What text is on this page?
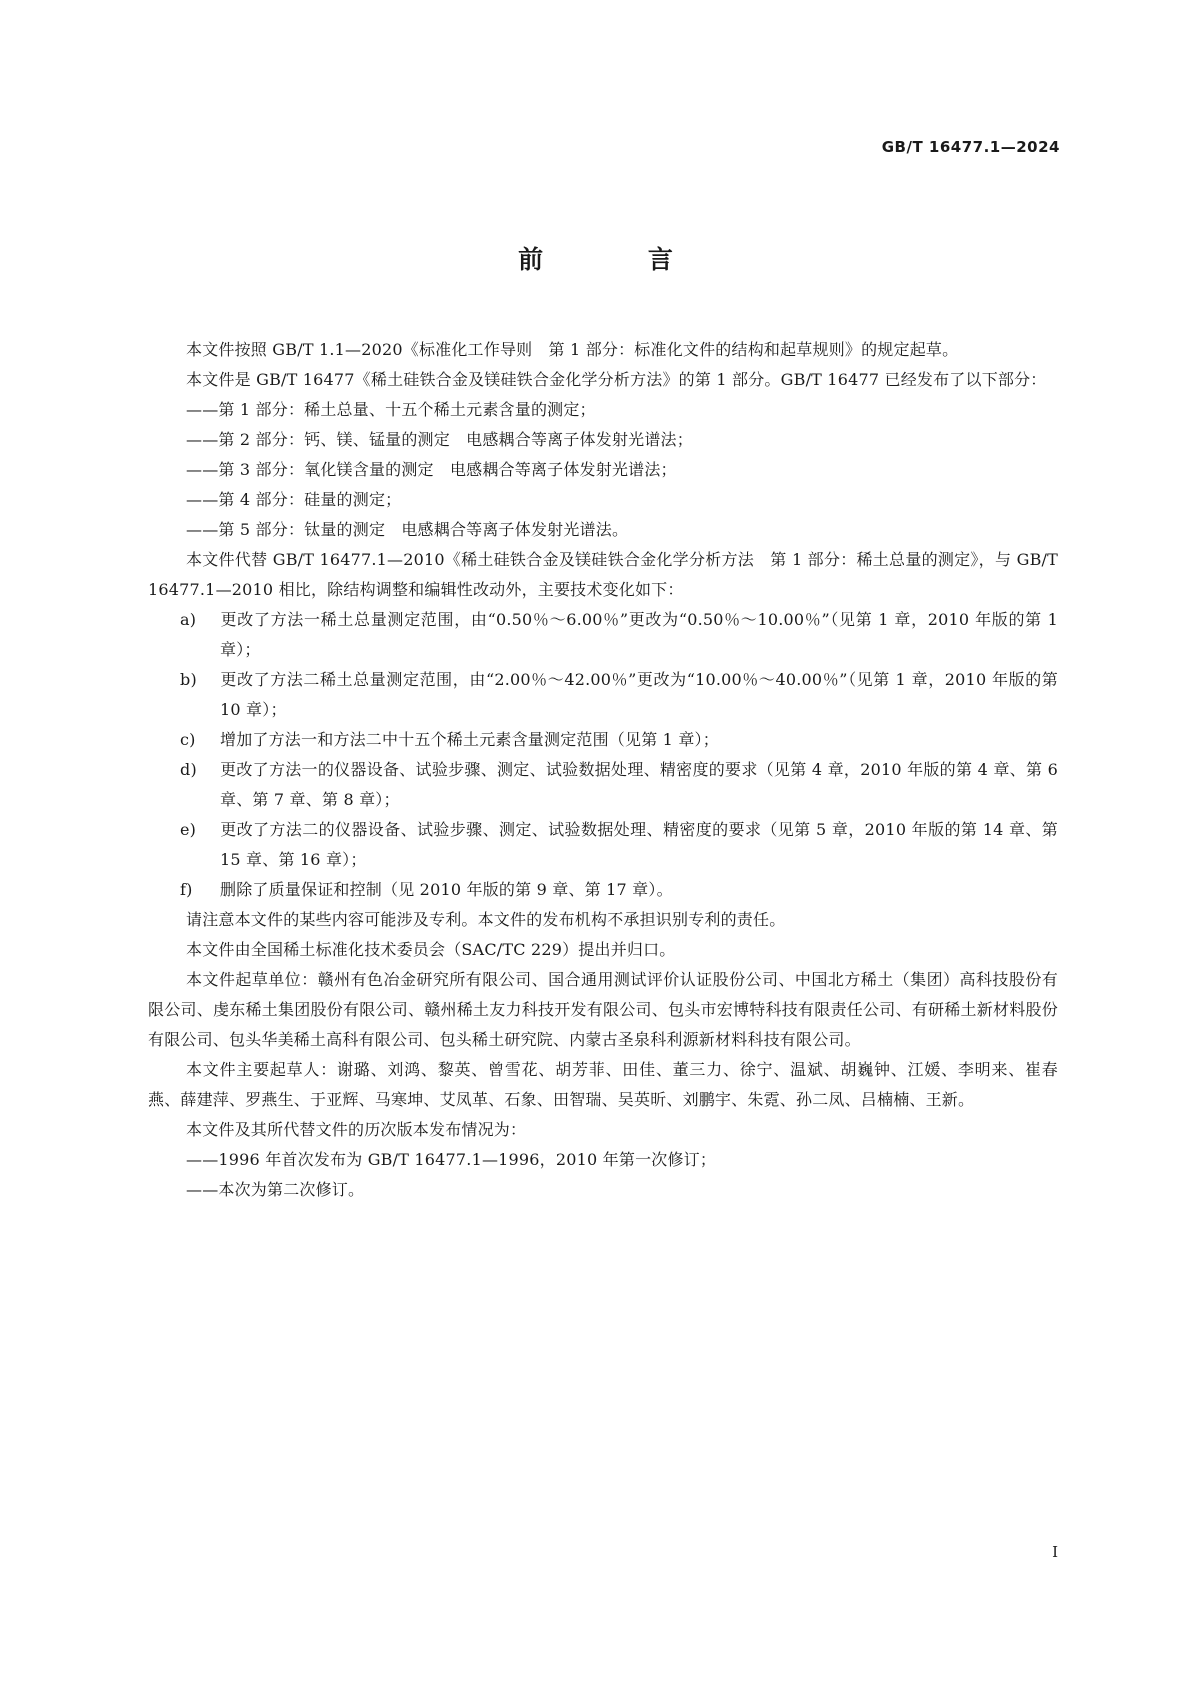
GB/T 16477.1—2024
前 言

本文件按照 GB/T 1.1—2020《标准化工作导则　第 1 部分：标准化文件的结构和起草规则》的规定起草。

本文件是 GB/T 16477《稀土硅铁合金及镁硅铁合金化学分析方法》的第 1 部分。GB/T 16477 已经发布了以下部分：

——第 1 部分：稀土总量、十五个稀土元素含量的测定；

——第 2 部分：钙、镁、锰量的测定　电感耦合等离子体发射光谱法；

——第 3 部分：氧化镁含量的测定　电感耦合等离子体发射光谱法；

——第 4 部分：硅量的测定；

——第 5 部分：钛量的测定　电感耦合等离子体发射光谱法。

本文件代替 GB/T 16477.1—2010《稀土硅铁合金及镁硅铁合金化学分析方法　第 1 部分：稀土总量的测定》，与 GB/T 16477.1—2010 相比，除结构调整和编辑性改动外，主要技术变化如下：

a) 更改了方法一稀土总量测定范围，由“0.50％～6.00％”更改为“0.50％～10.00％”（见第 1 章，2010 年版的第 1 章）；

b) 更改了方法二稀土总量测定范围，由“2.00％～42.00％”更改为“10.00％～40.00％”（见第 1 章，2010 年版的第 10 章）；

c) 增加了方法一和方法二中十五个稀土元素含量测定范围（见第 1 章）；

d) 更改了方法一的仪器设备、试验步骤、测定、试验数据处理、精密度的要求（见第 4 章，2010 年版的第 4 章、第 6 章、第 7 章、第 8 章）；

e) 更改了方法二的仪器设备、试验步骤、测定、试验数据处理、精密度的要求（见第 5 章，2010 年版的第 14 章、第 15 章、第 16 章）；

f) 删除了质量保证和控制（见 2010 年版的第 9 章、第 17 章）。

请注意本文件的某些内容可能涉及专利。本文件的发布机构不承担识别专利的责任。

本文件由全国稀土标准化技术委员会（SAC/TC 229）提出并归口。

本文件起草单位：赣州有色冶金研究所有限公司、国合通用测试评价认证股份公司、中国北方稀土（集团）高科技股份有限公司、虔东稀土集团股份有限公司、赣州稀土友力科技开发有限公司、包头市宏博特科技有限责任公司、有研稀土新材料股份有限公司、包头华美稀土高科有限公司、包头稀土研究院、内蒙古圣泉科利源新材料科技有限公司。

本文件主要起草人：谢璐、刘鸿、黎英、曾雪花、胡芳菲、田佳、董三力、徐宁、温斌、胡巍钟、江媛、李明来、崔春燕、薛建萍、罗燕生、于亚辉、马寒坤、艾凤革、石象、田智瑞、吴英昕、刘鹏宇、朱霓、孙二凤、吕楠楠、王新。

本文件及其所代替文件的历次版本发布情况为：

——1996 年首次发布为 GB/T 16477.1—1996，2010 年第一次修订；

——本次为第二次修订。

I
